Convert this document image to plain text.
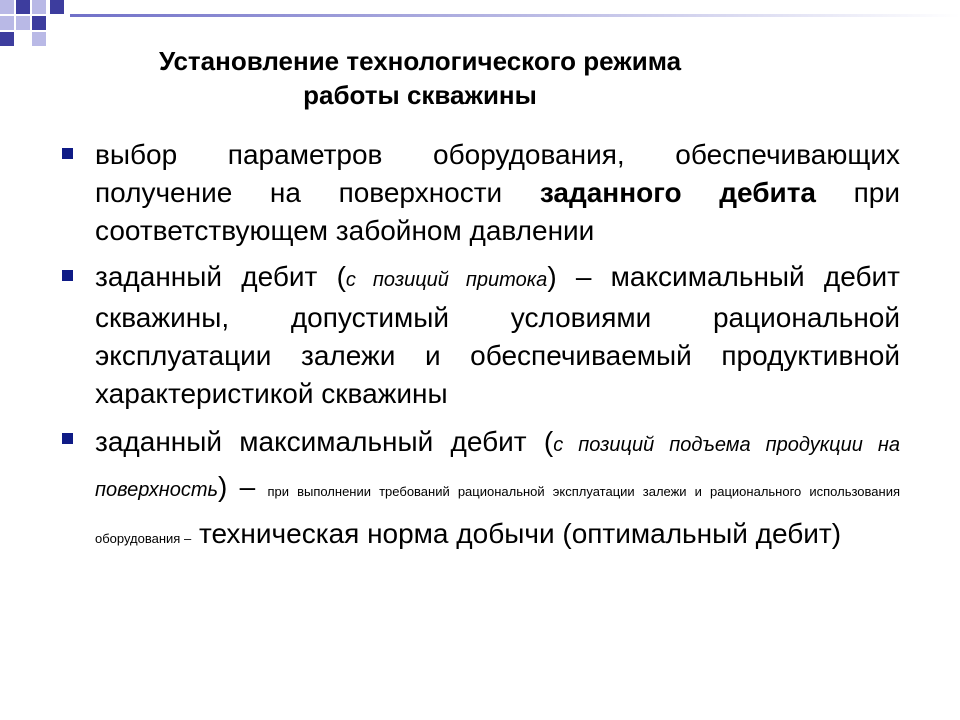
Установление технологического режима
работы скважины
выбор параметров оборудования, обеспечивающих получение на поверхности заданного дебита при соответствующем забойном давлении
заданный дебит (с позиций притока) – максимальный дебит скважины, допустимый условиями рациональной эксплуатации залежи и обеспечиваемый продуктивной характеристикой скважины
заданный максимальный дебит (с позиций подъема продукции на поверхность) – при выполнении требований рациональной эксплуатации залежи и рационального использования оборудования – техническая норма добычи (оптимальный дебит)
